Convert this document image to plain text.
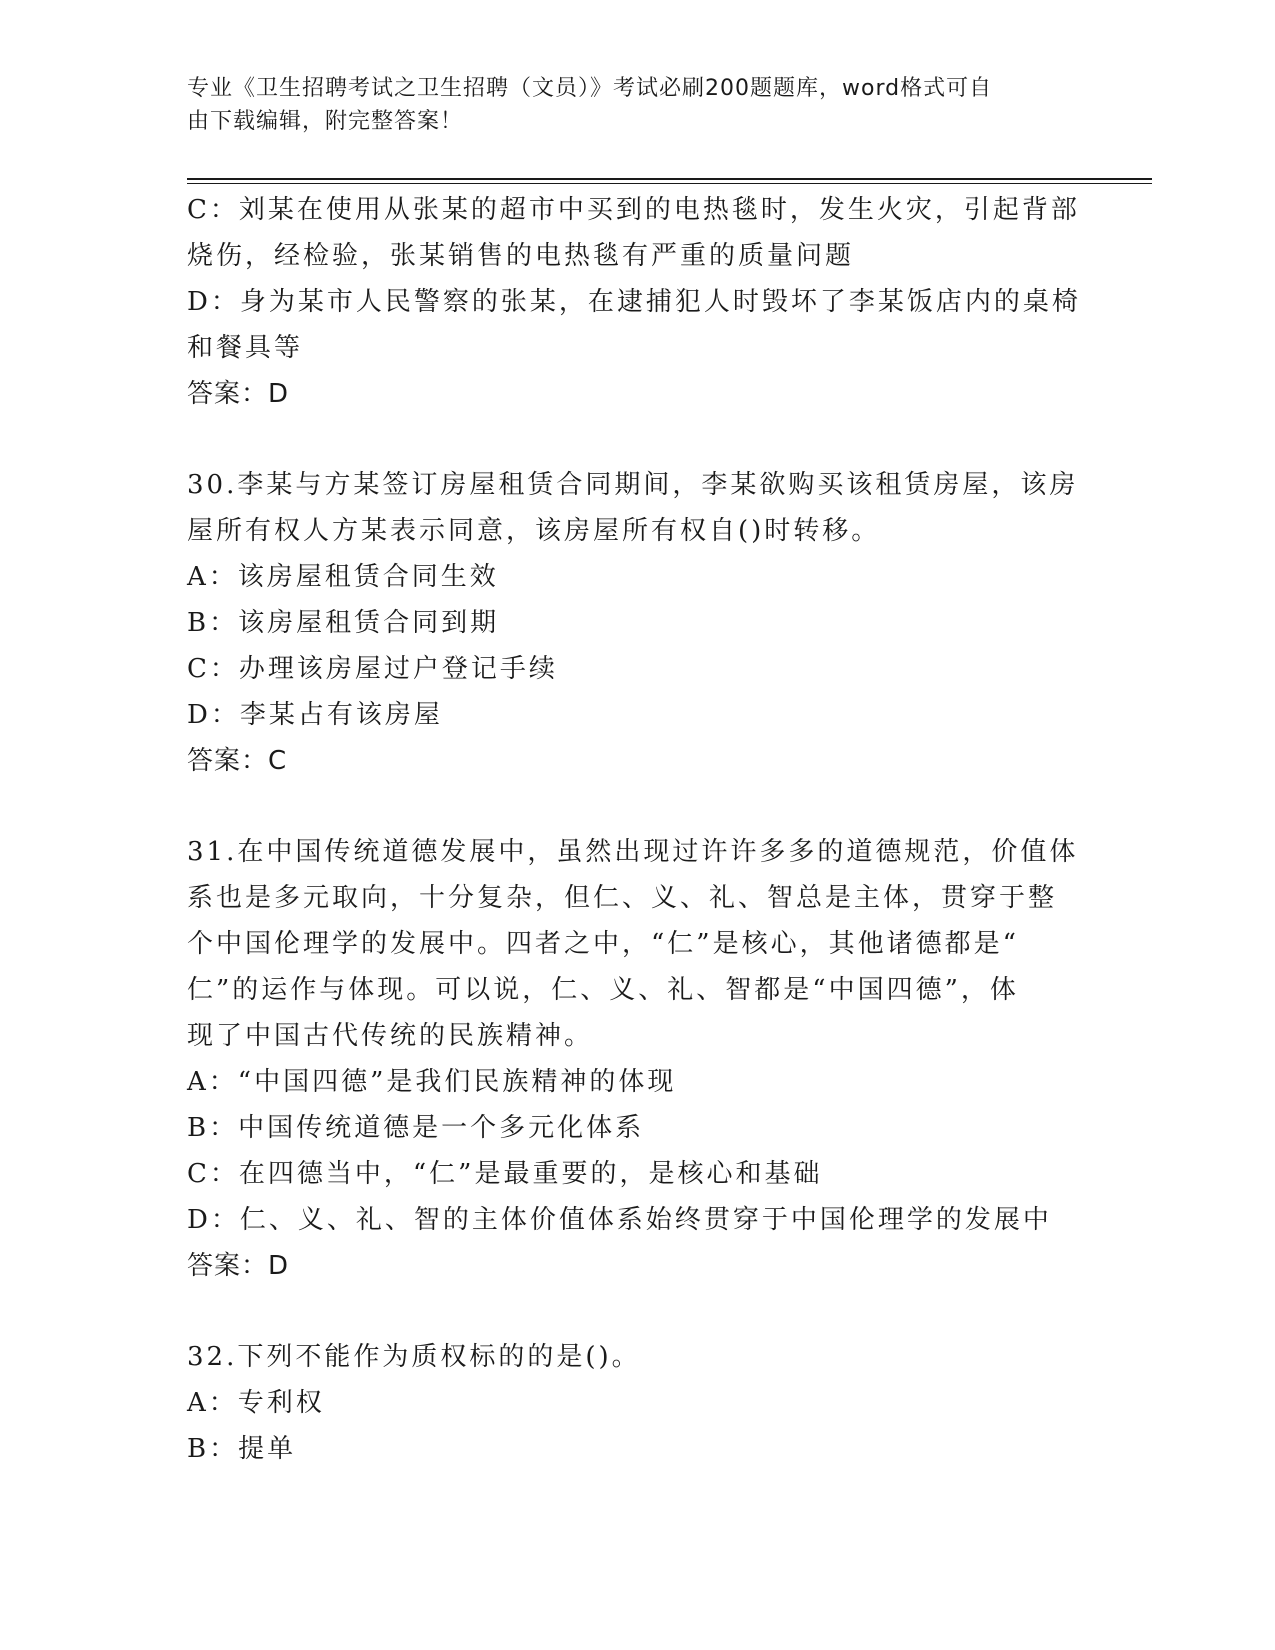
专业《卫生招聘考试之卫生招聘（文员）》考试必刷200题题库，word格式可自
由下载编辑，附完整答案！

C：刘某在使用从张某的超市中买到的电热毯时，发生火灾，引起背部

烧伤，经检验，张某销售的电热毯有严重的质量问题

D：身为某市人民警察的张某，在逮捕犯人时毁坏了李某饭店内的桌椅

和餐具等

答案：D

30.李某与方某签订房屋租赁合同期间，李某欲购买该租赁房屋，该房

屋所有权人方某表示同意，该房屋所有权自()时转移。

A：该房屋租赁合同生效

B：该房屋租赁合同到期

C：办理该房屋过户登记手续

D：李某占有该房屋

答案：C

31.在中国传统道德发展中，虽然出现过许许多多的道德规范，价值体

系也是多元取向，十分复杂，但仁、义、礼、智总是主体，贯穿于整

个中国伦理学的发展中。四者之中，“仁”是核心，其他诸德都是“

仁”的运作与体现。可以说，仁、义、礼、智都是“中国四德”，体

现了中国古代传统的民族精神。

A：“中国四德”是我们民族精神的体现

B：中国传统道德是一个多元化体系

C：在四德当中，“仁”是最重要的，是核心和基础

D：仁、义、礼、智的主体价值体系始终贯穿于中国伦理学的发展中

答案：D

32.下列不能作为质权标的的是()。

A：专利权

B：提单
